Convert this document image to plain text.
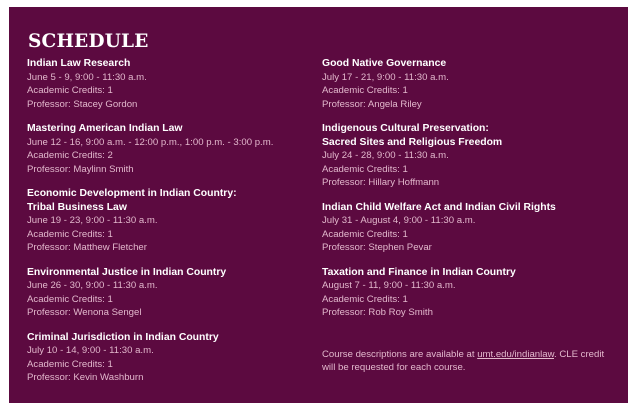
SCHEDULE
Indian Law Research
June 5 - 9, 9:00 - 11:30 a.m.
Academic Credits: 1
Professor: Stacey Gordon
Mastering American Indian Law
June 12 - 16, 9:00 a.m. - 12:00 p.m., 1:00 p.m. - 3:00 p.m.
Academic Credits: 2
Professor: Maylinn Smith
Economic Development in Indian Country:
Tribal Business Law
June 19 - 23, 9:00 - 11:30 a.m.
Academic Credits: 1
Professor: Matthew Fletcher
Environmental Justice in Indian Country
June 26 - 30, 9:00 - 11:30 a.m.
Academic Credits: 1
Professor: Wenona Sengel
Criminal Jurisdiction in Indian Country
July 10 - 14, 9:00 - 11:30 a.m.
Academic Credits: 1
Professor: Kevin Washburn
Good Native Governance
July 17 - 21, 9:00 - 11:30 a.m.
Academic Credits: 1
Professor: Angela Riley
Indigenous Cultural Preservation:
Sacred Sites and Religious Freedom
July 24 - 28, 9:00 - 11:30 a.m.
Academic Credits: 1
Professor: Hillary Hoffmann
Indian Child Welfare Act and Indian Civil Rights
July 31 - August 4, 9:00 - 11:30 a.m.
Academic Credits: 1
Professor: Stephen Pevar
Taxation and Finance in Indian Country
August 7 - 11, 9:00 - 11:30 a.m.
Academic Credits: 1
Professor: Rob Roy Smith
Course descriptions are available at umt.edu/indianlaw. CLE credit will be requested for each course.
